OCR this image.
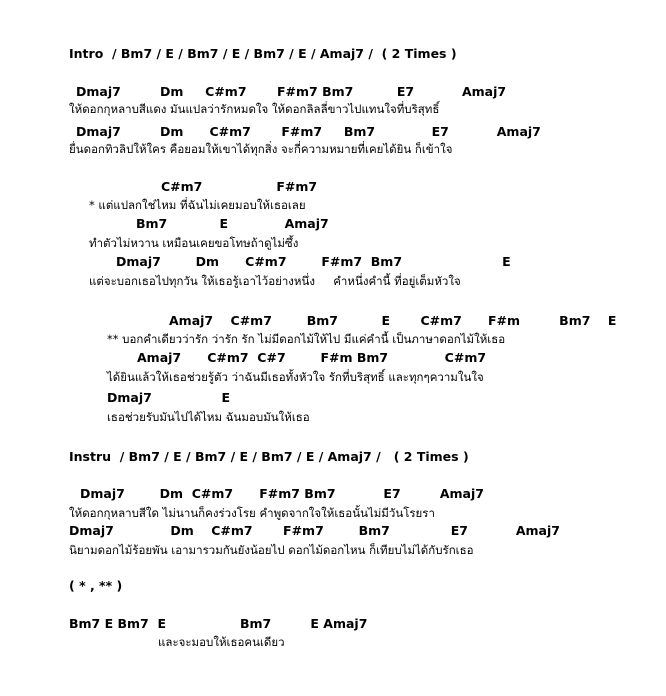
Intro  / Bm7 / E / Bm7 / E / Bm7 / E / Amaj7 /  ( 2 Times )
Dmaj7         Dm     C#m7       F#m7 Bm7          E7           Amaj7
ให้ดอกกุหลาบสีแดง มันแปลว่ารักหมดใจ ให้ดอกลิลลี่ขาวไปแทนใจที่บริสุทธิ์
Dmaj7         Dm      C#m7       F#m7     Bm7             E7           Amaj7
ยื่นดอกทิวลิปให้ใคร คือยอมให้เขาได้ทุกสิ่ง จะกี่ความหมายที่เคยได้ยิน ก็เข้าใจ
C#m7                 F#m7
* แต่แปลกใช่ไหม ที่ฉันไม่เคยมอบให้เธอเลย
Bm7            E             Amaj7
ทำตัวไม่หวาน เหมือนเคยขอโทษถ้าดูไม่ซึ้ง
Dmaj7        Dm      C#m7        F#m7  Bm7                       E
แต่จะบอกเธอไปทุกวัน ให้เธอรู้เอาไว้อย่างหนึ่ง     คำหนึ่งคำนี้ ที่อยู่เต็มหัวใจ
Amaj7    C#m7        Bm7          E       C#m7      F#m         Bm7    E
** บอกคำเดียวว่ารัก ว่ารัก รัก ไม่มีดอกไม้ให้ไป มีแค่คำนี้ เป็นภาษาดอกไม้ให้เธอ
Amaj7      C#m7  C#7        F#m Bm7             C#m7
ได้ยินแล้วให้เธอช่วยรู้ตัว ว่าฉันมีเธอทั้งหัวใจ รักที่บริสุทธิ์ และทุกๆความในใจ
Dmaj7                E
เธอช่วยรับมันไปได้ไหม ฉันมอบมันให้เธอ
Instru  / Bm7 / E / Bm7 / E / Bm7 / E / Amaj7 /   ( 2 Times )
Dmaj7        Dm  C#m7      F#m7 Bm7           E7         Amaj7
ให้ดอกกุหลาบสีใด ไม่นานก็คงร่วงโรย คำพูดจากใจให้เธอนั้นไม่มีวันโรยรา
Dmaj7             Dm    C#m7       F#m7        Bm7              E7           Amaj7
นิยามดอกไม้ร้อยพัน เอามารวมกันยังน้อยไป ดอกไม้ดอกไหน ก็เทียบไม่ได้กับรักเธอ
( * , ** )
Bm7 E Bm7  E                 Bm7         E Amaj7
และจะมอบให้เธอคนเดียว
